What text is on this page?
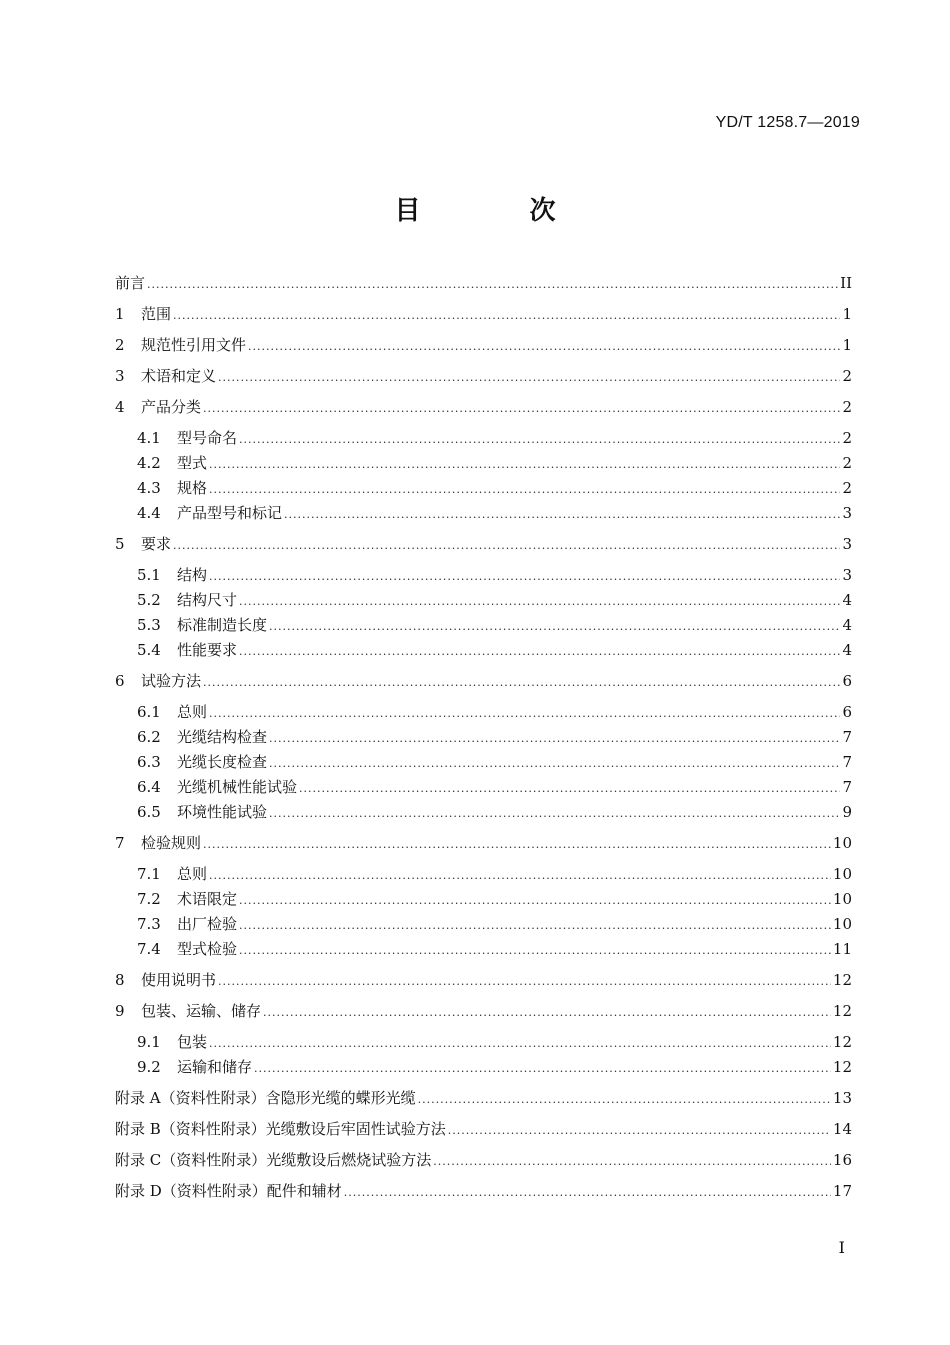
YD/T 1258.7—2019
目 次
前言 .....	II
1	范围 .....	1
2	规范性引用文件 .....	1
3	术语和定义 .....	2
4	产品分类 .....	2
4.1	型号命名 .....	2
4.2	型式 .....	2
4.3	规格 .....	2
4.4	产品型号和标记 .....	3
5	要求 .....	3
5.1	结构 .....	3
5.2	结构尺寸 .....	4
5.3	标准制造长度 .....	4
5.4	性能要求 .....	4
6	试验方法 .....	6
6.1	总则 .....	6
6.2	光缆结构检查 .....	7
6.3	光缆长度检查 .....	7
6.4	光缆机械性能试验 .....	7
6.5	环境性能试验 .....	9
7	检验规则 .....	10
7.1	总则 .....	10
7.2	术语限定 .....	10
7.3	出厂检验 .....	10
7.4	型式检验 .....	11
8	使用说明书 .....	12
9	包装、运输、储存 .....	12
9.1	包装 .....	12
9.2	运输和储存 .....	12
附录 A（资料性附录）含隐形光缆的蝶形光缆 .....	13
附录 B（资料性附录）光缆敷设后牢固性试验方法 .....	14
附录 C（资料性附录）光缆敷设后燃烧试验方法 .....	16
附录 D（资料性附录）配件和辅材 .....	17
I
